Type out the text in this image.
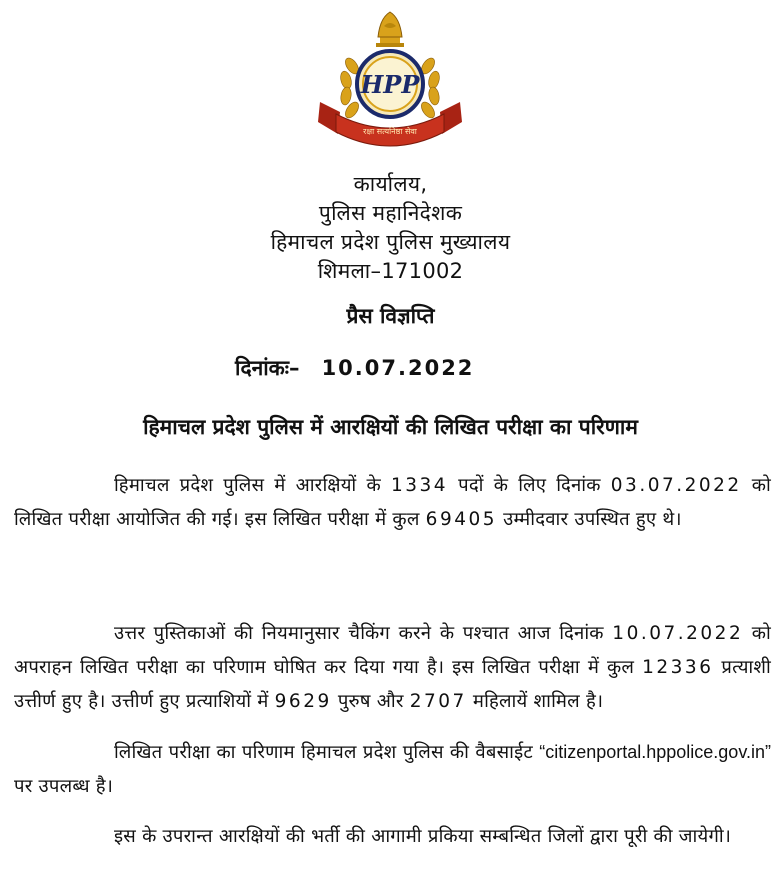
HPP
रक्षा सत्यनिष्ठा सेवा
कार्यालय,
पुलिस महानिदेशक
हिमाचल प्रदेश पुलिस मुख्यालय
शिमला–171002
प्रैस विज्ञप्ति
दिनांकः– 10.07.2022
हिमाचल प्रदेश पुलिस में आरक्षियों की लिखित परीक्षा का परिणाम
हिमाचल प्रदेश पुलिस में आरक्षियों के 1334 पदों के लिए दिनांक 03.07.2022 को लिखित परीक्षा आयोजित की गई। इस लिखित परीक्षा में कुल 69405 उम्मीदवार उपस्थित हुए थे।
उत्तर पुस्तिकाओं की नियमानुसार चैकिंग करने के पश्चात आज दिनांक 10.07.2022 को अपराहन लिखित परीक्षा का परिणाम घोषित कर दिया गया है। इस लिखित परीक्षा में कुल 12336 प्रत्याशी उत्तीर्ण हुए है। उत्तीर्ण हुए प्रत्याशियों में 9629 पुरुष और 2707 महिलायें शामिल है।
लिखित परीक्षा का परिणाम हिमाचल प्रदेश पुलिस की वैबसाईट “citizenportal.hppolice.gov.in” पर उपलब्ध है।
इस के उपरान्त आरक्षियों की भर्ती की आगामी प्रकिया सम्बन्धित जिलों द्वारा पूरी की जायेगी।
